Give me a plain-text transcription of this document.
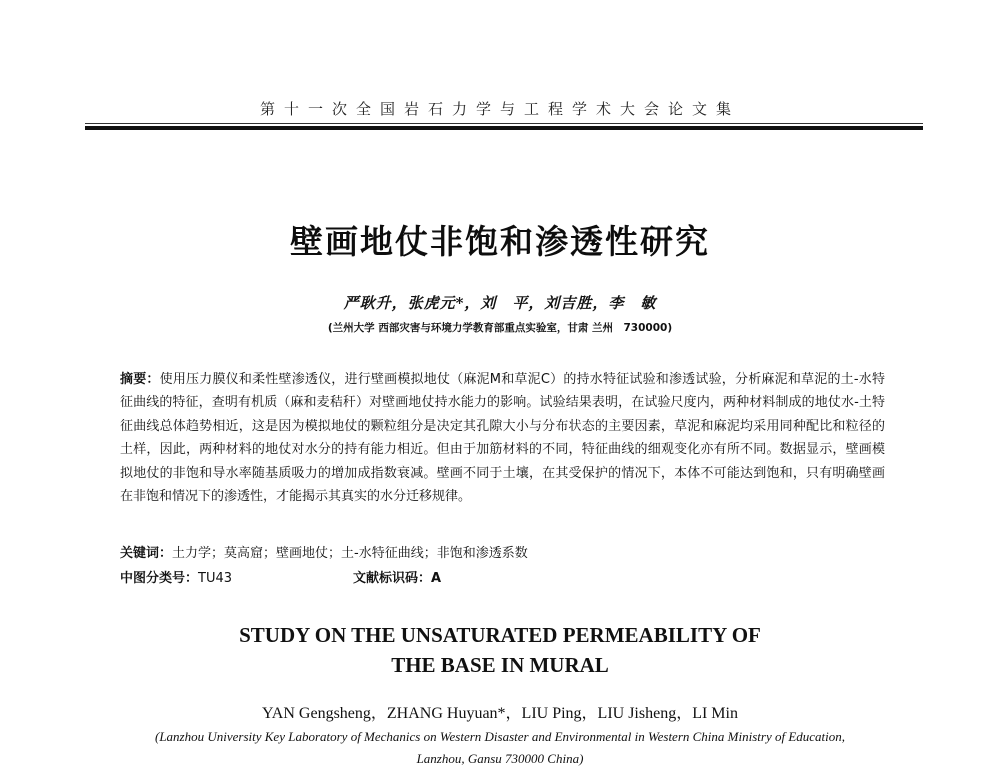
第十一次全国岩石力学与工程学术大会论文集
壁画地仗非饱和渗透性研究
严耿升，张虎元*，刘　平，刘吉胜，李　敏
(兰州大学 西部灾害与环境力学教育部重点实验室，甘肃 兰州　730000)
摘要：使用压力膜仪和柔性壁渗透仪，进行壁画模拟地仗（麻泥M和草泥C）的持水特征试验和渗透试验，分析麻泥和草泥的土-水特征曲线的特征，查明有机质（麻和麦秸秆）对壁画地仗持水能力的影响。试验结果表明，在试验尺度内，两种材料制成的地仗水-土特征曲线总体趋势相近，这是因为模拟地仗的颗粒组分是决定其孔隙大小与分布状态的主要因素，草泥和麻泥均采用同种配比和粒径的土样，因此，两种材料的地仗对水分的持有能力相近。但由于加筋材料的不同，特征曲线的细观变化亦有所不同。数据显示，壁画模拟地仗的非饱和导水率随基质吸力的增加成指数衰减。壁画不同于土壤，在其受保护的情况下，本体不可能达到饱和，只有明确壁画在非饱和情况下的渗透性，才能揭示其真实的水分迁移规律。
关键词：土力学；莫高窟；壁画地仗；土-水特征曲线；非饱和渗透系数
中图分类号：TU43	文献标识码：A
STUDY ON THE UNSATURATED PERMEABILITY OF
THE BASE IN MURAL
YAN Gengsheng，ZHANG Huyuan*，LIU Ping，LIU Jisheng，LI Min
(Lanzhou University Key Laboratory of Mechanics on Western Disaster and Environmental in Western China Ministry of Education,
Lanzhou, Gansu 730000 China)
